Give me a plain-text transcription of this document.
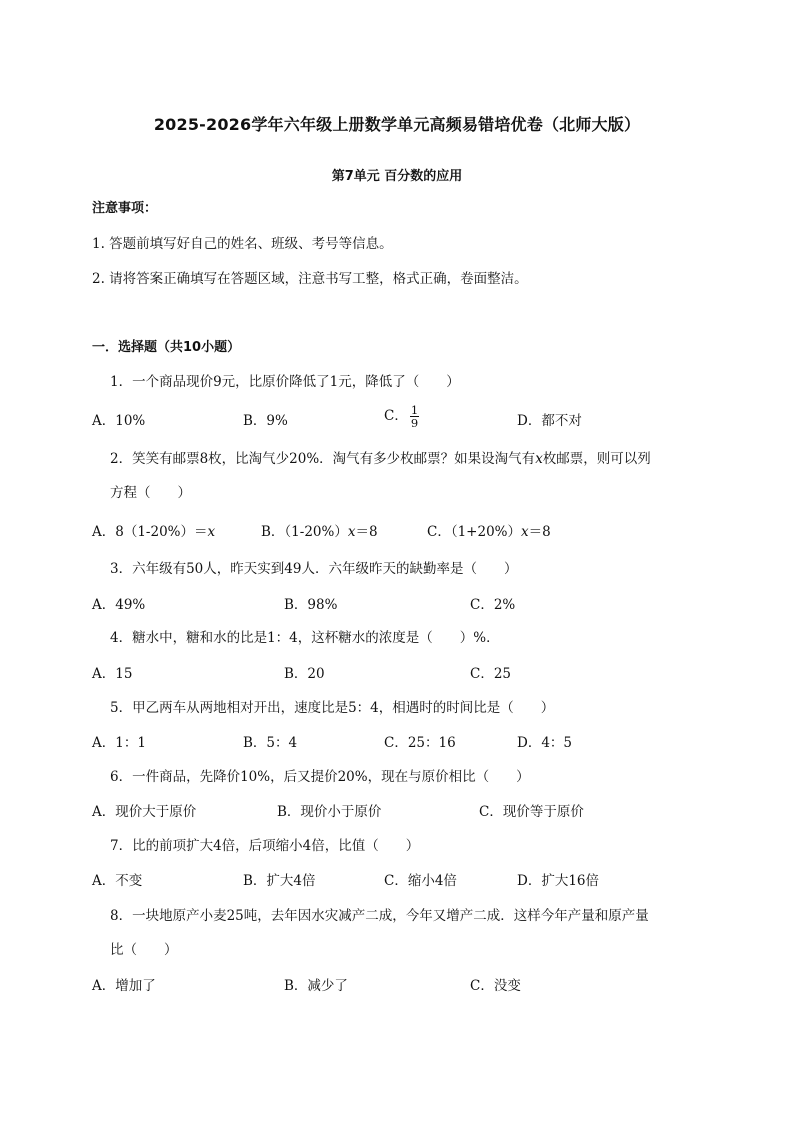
2025-2026学年六年级上册数学单元高频易错培优卷（北师大版）
第7单元 百分数的应用
注意事项：
1. 答题前填写好自己的姓名、班级、考号等信息。
2. 请将答案正确填写在答题区域，注意书写工整，格式正确，卷面整洁。
一．选择题（共10小题）
1．一个商品现价9元，比原价降低了1元，降低了（　　）
A．10%	B．9%	C． $\frac{1}{9}$	D．都不对
2．笑笑有邮票8枚，比淘气少20%．淘气有多少枚邮票？如果设淘气有x枚邮票，则可以列
方程（　　）
A．8（1-20%）＝x	B．（1-20%）x＝8	C．（1+20%）x＝8
3．六年级有50人，昨天实到49人．六年级昨天的缺勤率是（　　）
A．49%	B．98%	C．2%
4．糖水中，糖和水的比是1：4，这杯糖水的浓度是（　　）%．
A．15	B．20	C．25
5．甲乙两车从两地相对开出，速度比是5：4，相遇时的时间比是（　　）
A．1：1	B．5：4	C．25：16	D．4：5
6．一件商品，先降价10%，后又提价20%，现在与原价相比（　　）
A．现价大于原价	B．现价小于原价	C．现价等于原价
7．比的前项扩大4倍，后项缩小4倍，比值（　　）
A．不变	B．扩大4倍	C．缩小4倍	D．扩大16倍
8．一块地原产小麦25吨，去年因水灾减产二成，今年又增产二成．这样今年产量和原产量
比（　　）
A．增加了	B．减少了	C．没变
